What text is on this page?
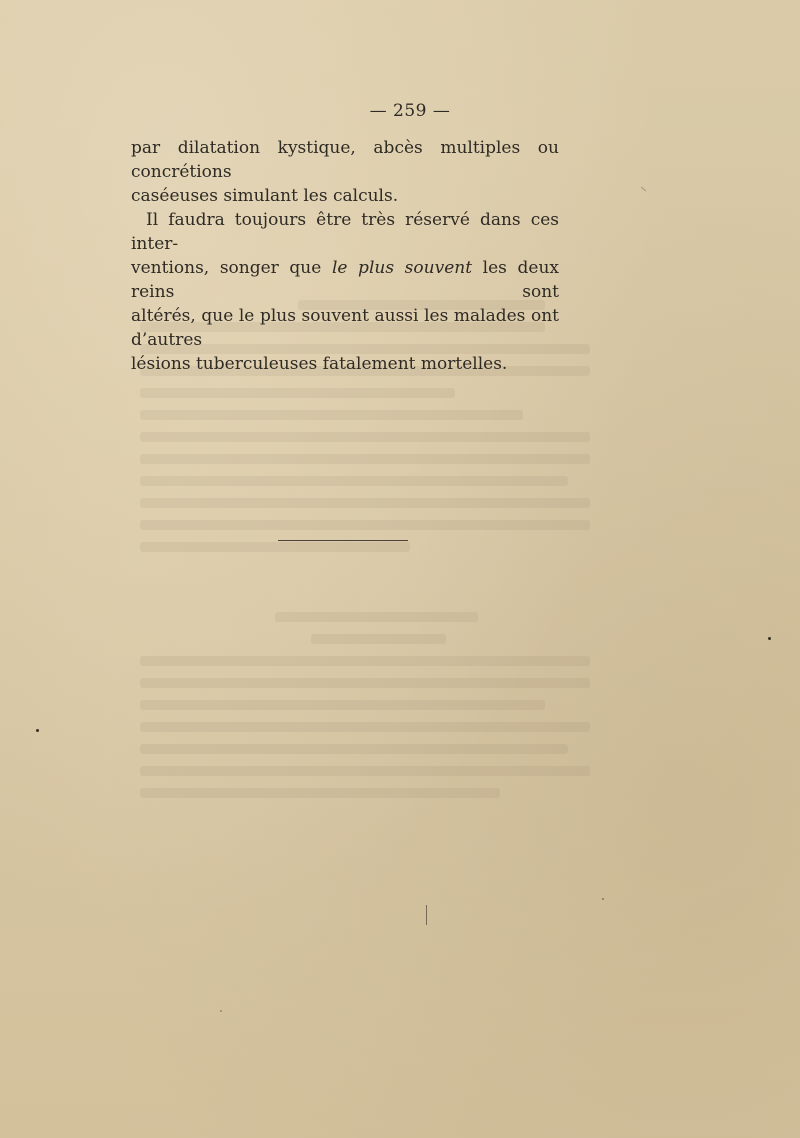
— 259 —

par dilatation kystique, abcès multiples ou concrétions
caséeuses simulant les calculs.

Il faudra toujours être très réservé dans ces inter-
ventions, songer que le plus souvent les deux reins sont
altérés, que le plus souvent aussi les malades ont d’autres
lésions tuberculeuses fatalement mortelles.
